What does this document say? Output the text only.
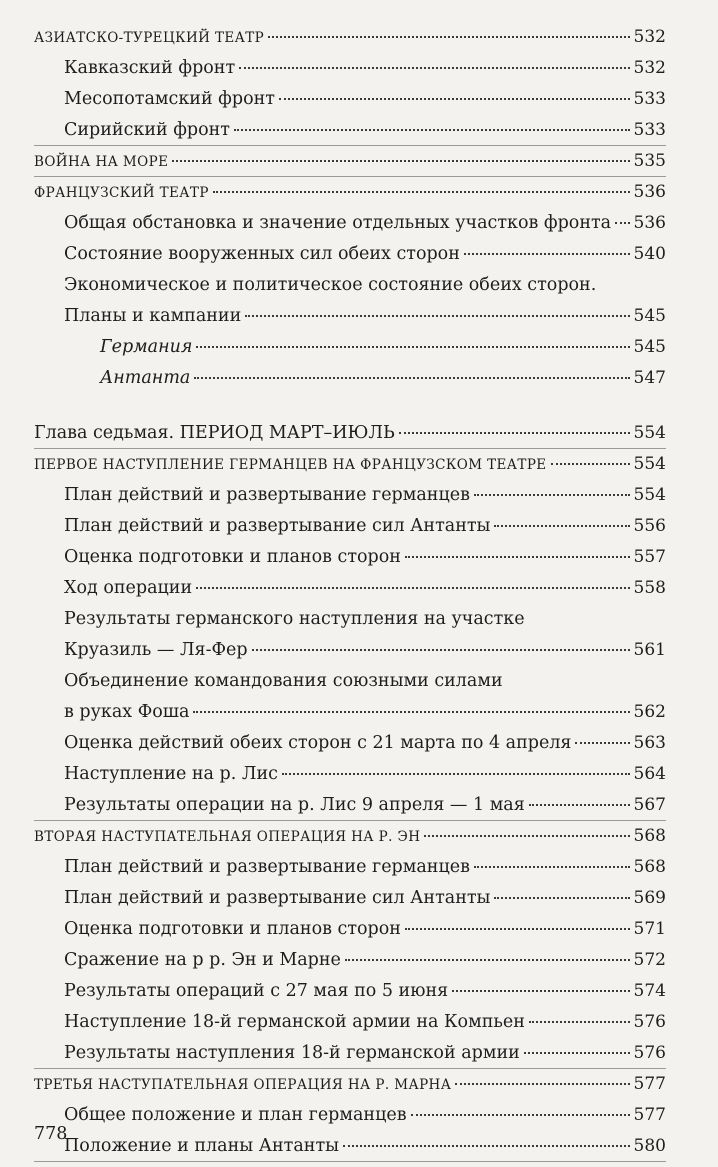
АЗИАТСКО-ТУРЕЦКИЙ ТЕАТР	532
Кавказский фронт	532
Месопотамский фронт	533
Сирийский фронт	533
ВОЙНА НА МОРЕ	535
ФРАНЦУЗСКИЙ ТЕАТР	536
Общая обстановка и значение отдельных участков фронта 536
Состояние вооруженных сил обеих сторон	540
Экономическое и политическое состояние обеих сторон.
Планы и кампании	545
Германия	545
Антанта	547
Глава седьмая. ПЕРИОД МАРТ–ИЮЛЬ	554
ПЕРВОЕ НАСТУПЛЕНИЕ ГЕРМАНЦЕВ НА ФРАНЦУЗСКОМ ТЕАТРЕ	554
План действий и развертывание германцев	554
План действий и развертывание сил Антанты	556
Оценка подготовки и планов сторон	557
Ход операции	558
Результаты германского наступления на участке
Круазиль — Ля-Фер	561
Объединение командования союзными силами
в руках Фоша	562
Оценка действий обеих сторон с 21 марта по 4 апреля	563
Наступление на р. Лис	564
Результаты операции на р. Лис 9 апреля — 1 мая	567
ВТОРАЯ НАСТУПАТЕЛЬНАЯ ОПЕРАЦИЯ НА Р. ЭН	568
План действий и развертывание германцев	568
План действий и развертывание сил Антанты	569
Оценка подготовки и планов сторон	571
Сражение на р р. Эн и Марне	572
Результаты операций с 27 мая по 5 июня	574
Наступление 18-й германской армии на Компьен	576
Результаты наступления 18-й германской армии	576
ТРЕТЬЯ НАСТУПАТЕЛЬНАЯ ОПЕРАЦИЯ НА Р. МАРНА	577
Общее положение и план германцев	577
Положение и планы Антанты	580
778
